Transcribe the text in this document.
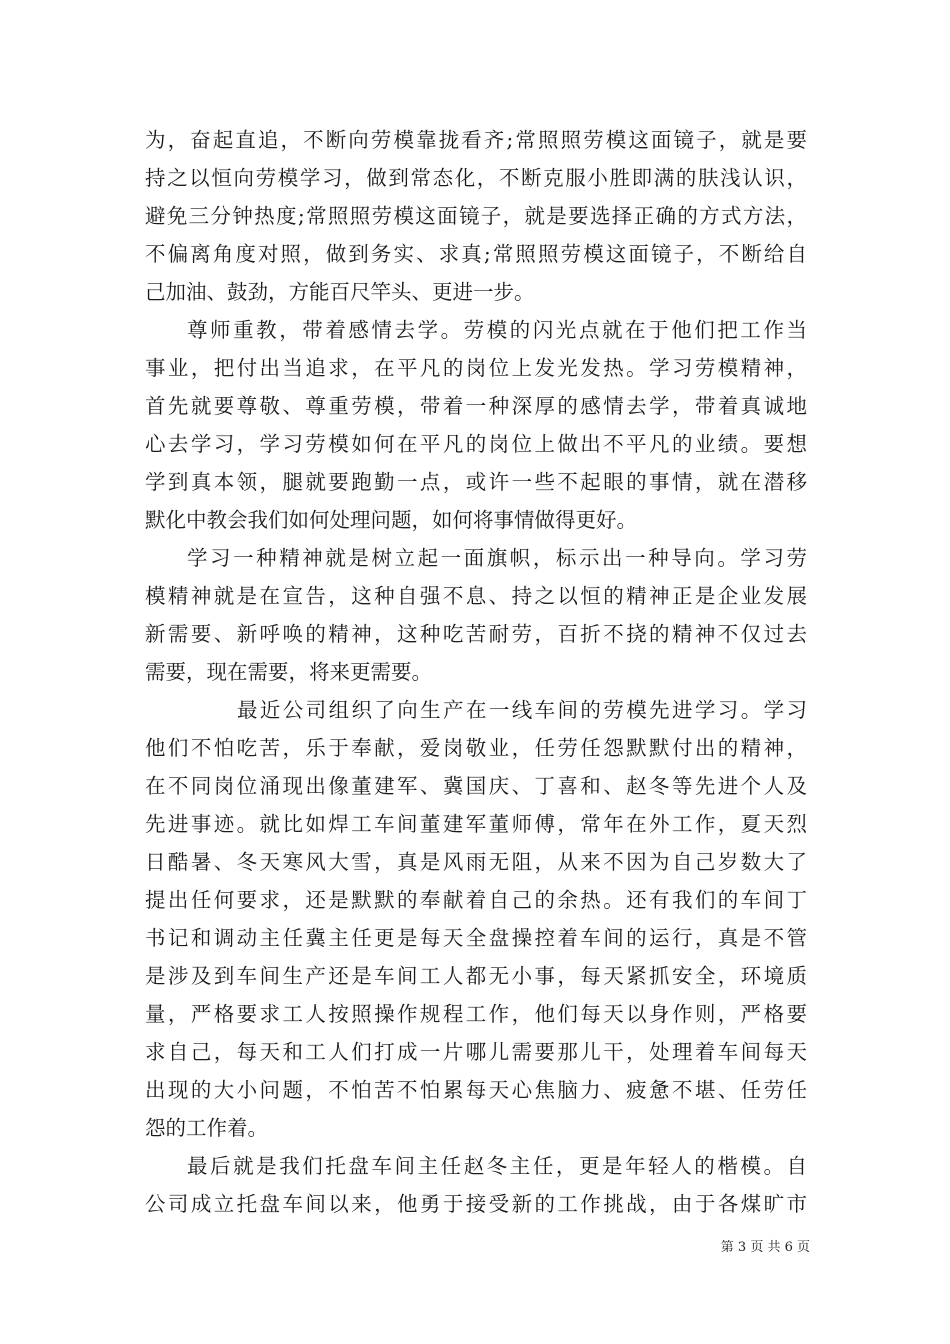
为，奋起直追，不断向劳模靠拢看齐;常照照劳模这面镜子，就是要
持之以恒向劳模学习，做到常态化，不断克服小胜即满的肤浅认识，
避免三分钟热度;常照照劳模这面镜子，就是要选择正确的方式方法，
不偏离角度对照，做到务实、求真;常照照劳模这面镜子，不断给自
己加油、鼓劲，方能百尺竿头、更进一步。
尊师重教，带着感情去学。劳模的闪光点就在于他们把工作当
事业，把付出当追求，在平凡的岗位上发光发热。学习劳模精神，
首先就要尊敬、尊重劳模，带着一种深厚的感情去学，带着真诚地
心去学习，学习劳模如何在平凡的岗位上做出不平凡的业绩。要想
学到真本领，腿就要跑勤一点，或许一些不起眼的事情，就在潜移
默化中教会我们如何处理问题，如何将事情做得更好。
学习一种精神就是树立起一面旗帜，标示出一种导向。学习劳
模精神就是在宣告，这种自强不息、持之以恒的精神正是企业发展
新需要、新呼唤的精神，这种吃苦耐劳，百折不挠的精神不仅过去
需要，现在需要，将来更需要。
最近公司组织了向生产在一线车间的劳模先进学习。学习
他们不怕吃苦，乐于奉献，爱岗敬业，任劳任怨默默付出的精神，
在不同岗位涌现出像董建军、冀国庆、丁喜和、赵冬等先进个人及
先进事迹。就比如焊工车间董建军董师傅，常年在外工作，夏天烈
日酷暑、冬天寒风大雪，真是风雨无阻，从来不因为自己岁数大了
提出任何要求，还是默默的奉献着自己的余热。还有我们的车间丁
书记和调动主任冀主任更是每天全盘操控着车间的运行，真是不管
是涉及到车间生产还是车间工人都无小事，每天紧抓安全，环境质
量，严格要求工人按照操作规程工作，他们每天以身作则，严格要
求自己，每天和工人们打成一片哪儿需要那儿干，处理着车间每天
出现的大小问题，不怕苦不怕累每天心焦脑力、疲惫不堪、任劳任
怨的工作着。
最后就是我们托盘车间主任赵冬主任，更是年轻人的楷模。自
公司成立托盘车间以来，他勇于接受新的工作挑战，由于各煤旷市
第 3 页 共 6 页
